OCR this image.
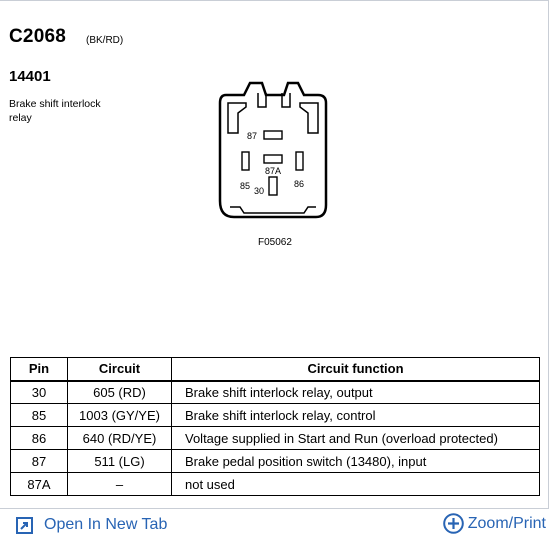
C2068 (BK/RD)
14401
Brake shift interlock relay
87
87A
85 30
86
F05062
Pin	Circuit	Circuit function
30	605 (RD)	Brake shift interlock relay, output
85	1003 (GY/YE)	Brake shift interlock relay, control
86	640 (RD/YE)	Voltage supplied in Start and Run (overload protected)
87	511 (LG)	Brake pedal position switch (13480), input
87A	–	not used
Open In New Tab	Zoom/Print
